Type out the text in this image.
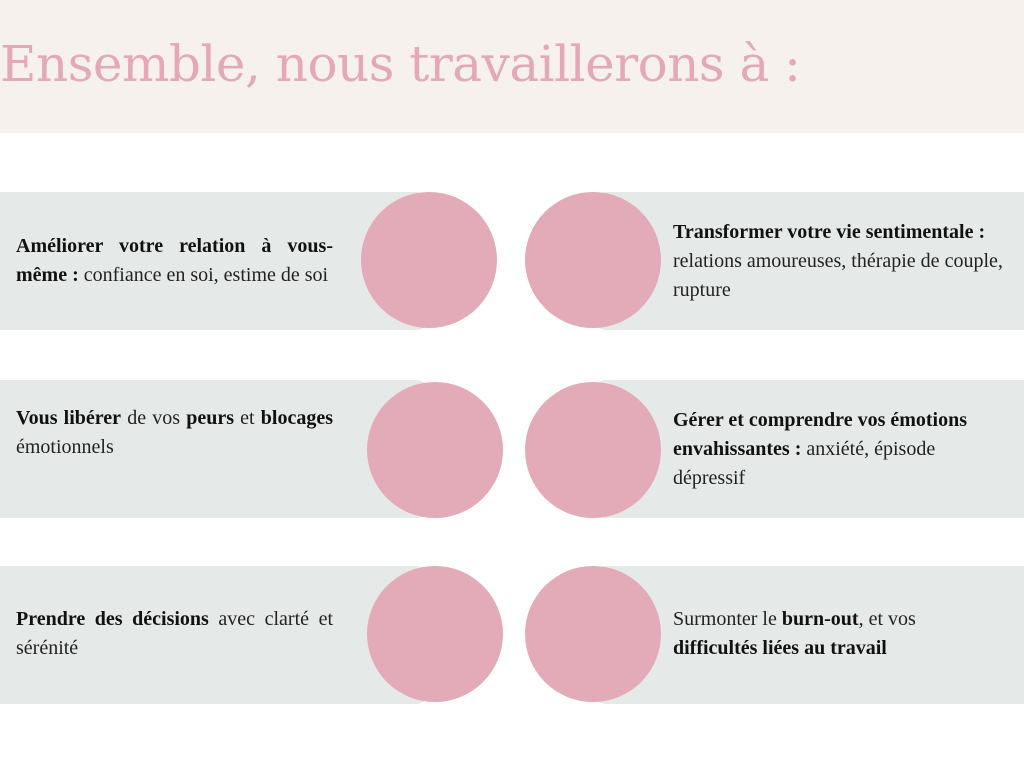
Ensemble, nous travaillerons à :
Améliorer votre relation à vous-même : confiance en soi, estime de soi
Transformer votre vie sentimentale : relations amoureuses, thérapie de couple, rupture
Vous libérer de vos peurs et blocages émotionnels
Gérer et comprendre vos émotions envahissantes : anxiété, épisode dépressif
Prendre des décisions avec clarté et sérénité
Surmonter le burn-out, et vos difficultés liées au travail
